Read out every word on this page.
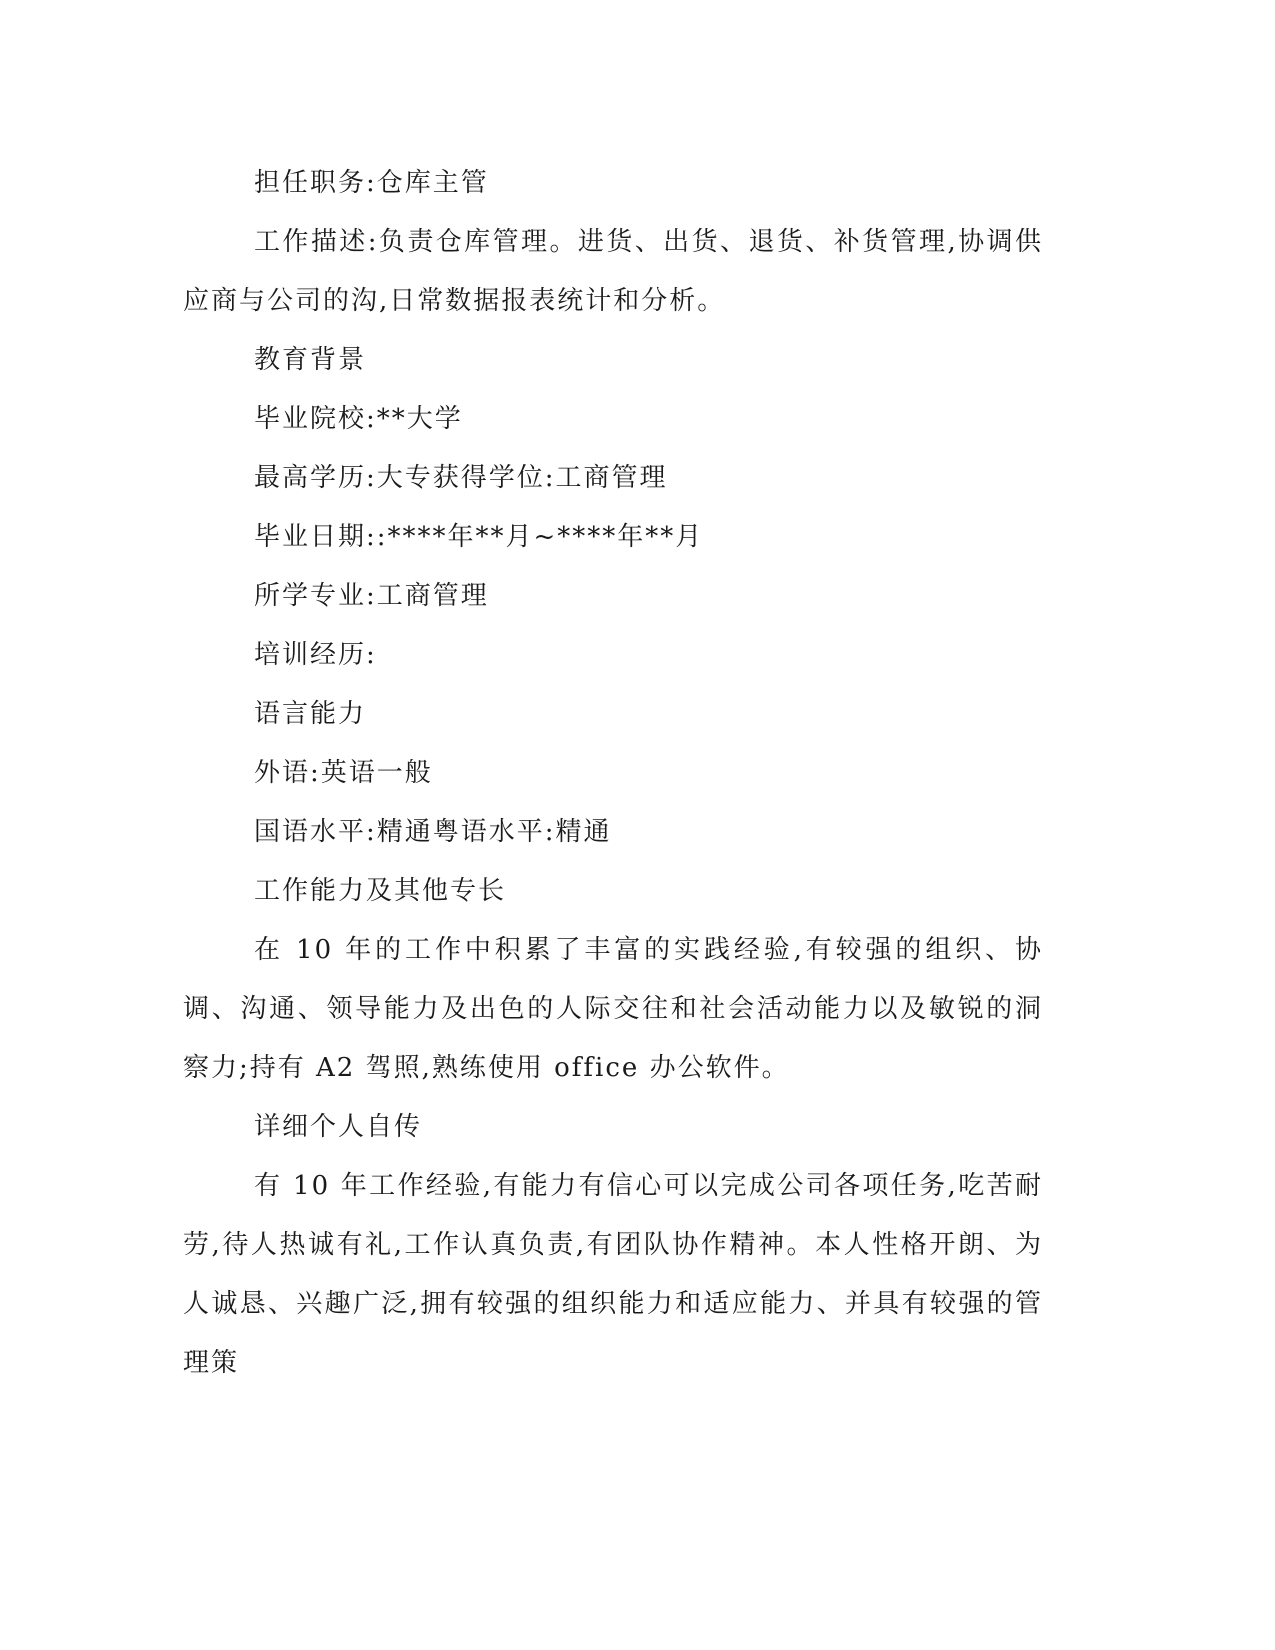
担任职务:仓库主管

工作描述:负责仓库管理。进货、出货、退货、补货管理,协调供应商与公司的沟,日常数据报表统计和分析。

教育背景

毕业院校:**大学

最高学历:大专获得学位:工商管理

毕业日期::****年**月~****年**月

所学专业:工商管理

培训经历:

语言能力

外语:英语一般

国语水平:精通粤语水平:精通

工作能力及其他专长

在 10 年的工作中积累了丰富的实践经验,有较强的组织、协调、沟通、领导能力及出色的人际交往和社会活动能力以及敏锐的洞察力;持有 A2 驾照,熟练使用 office 办公软件。

详细个人自传

有 10 年工作经验,有能力有信心可以完成公司各项任务,吃苦耐劳,待人热诚有礼,工作认真负责,有团队协作精神。本人性格开朗、为人诚恳、兴趣广泛,拥有较强的组织能力和适应能力、并具有较强的管理策
